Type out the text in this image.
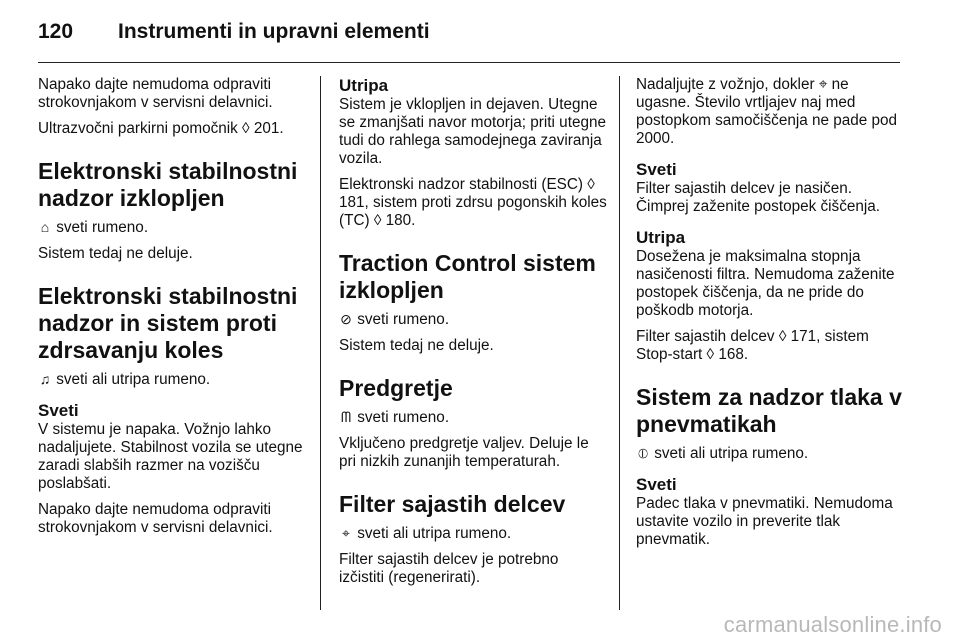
120 Instrumenti in upravni elementi

Napako dajte nemudoma odpraviti strokovnjakom v servisni delavnici.

Ultrazvočni parkirni pomočnik ◊ 201.

Elektronski stabilnostni nadzor izklopljen

⌂ sveti rumeno.

Sistem tedaj ne deluje.

Elektronski stabilnostni nadzor in sistem proti zdrsavanju koles

♫ sveti ali utripa rumeno.

Sveti

V sistemu je napaka. Vožnjo lahko nadaljujete. Stabilnost vozila se utegne zaradi slabših razmer na vozišču poslabšati.

Napako dajte nemudoma odpraviti strokovnjakom v servisni delavnici.

Utripa

Sistem je vklopljen in dejaven. Utegne se zmanjšati navor motorja; priti utegne tudi do rahlega samodejnega zaviranja vozila.

Elektronski nadzor stabilnosti (ESC) ◊ 181, sistem proti zdrsu pogonskih koles (TC) ◊ 180.

Traction Control sistem izklopljen

⊘ sveti rumeno.

Sistem tedaj ne deluje.

Predgretje

ᗰ sveti rumeno.

Vključeno predgretje valjev. Deluje le pri nizkih zunanjih temperaturah.

Filter sajastih delcev

⌖ sveti ali utripa rumeno.

Filter sajastih delcev je potrebno izčistiti (regenerirati).

Nadaljujte z vožnjo, dokler ⌖ ne ugasne. Število vrtljajev naj med postopkom samočiščenja ne pade pod 2000.

Sveti

Filter sajastih delcev je nasičen. Čimprej zaženite postopek čiščenja.

Utripa

Dosežena je maksimalna stopnja nasičenosti filtra. Nemudoma zaženite postopek čiščenja, da ne pride do poškodb motorja.

Filter sajastih delcev ◊ 171, sistem Stop-start ◊ 168.

Sistem za nadzor tlaka v pnevmatikah

⦶ sveti ali utripa rumeno.

Sveti

Padec tlaka v pnevmatiki. Nemudoma ustavite vozilo in preverite tlak pnevmatik.

carmanualsonline.info
